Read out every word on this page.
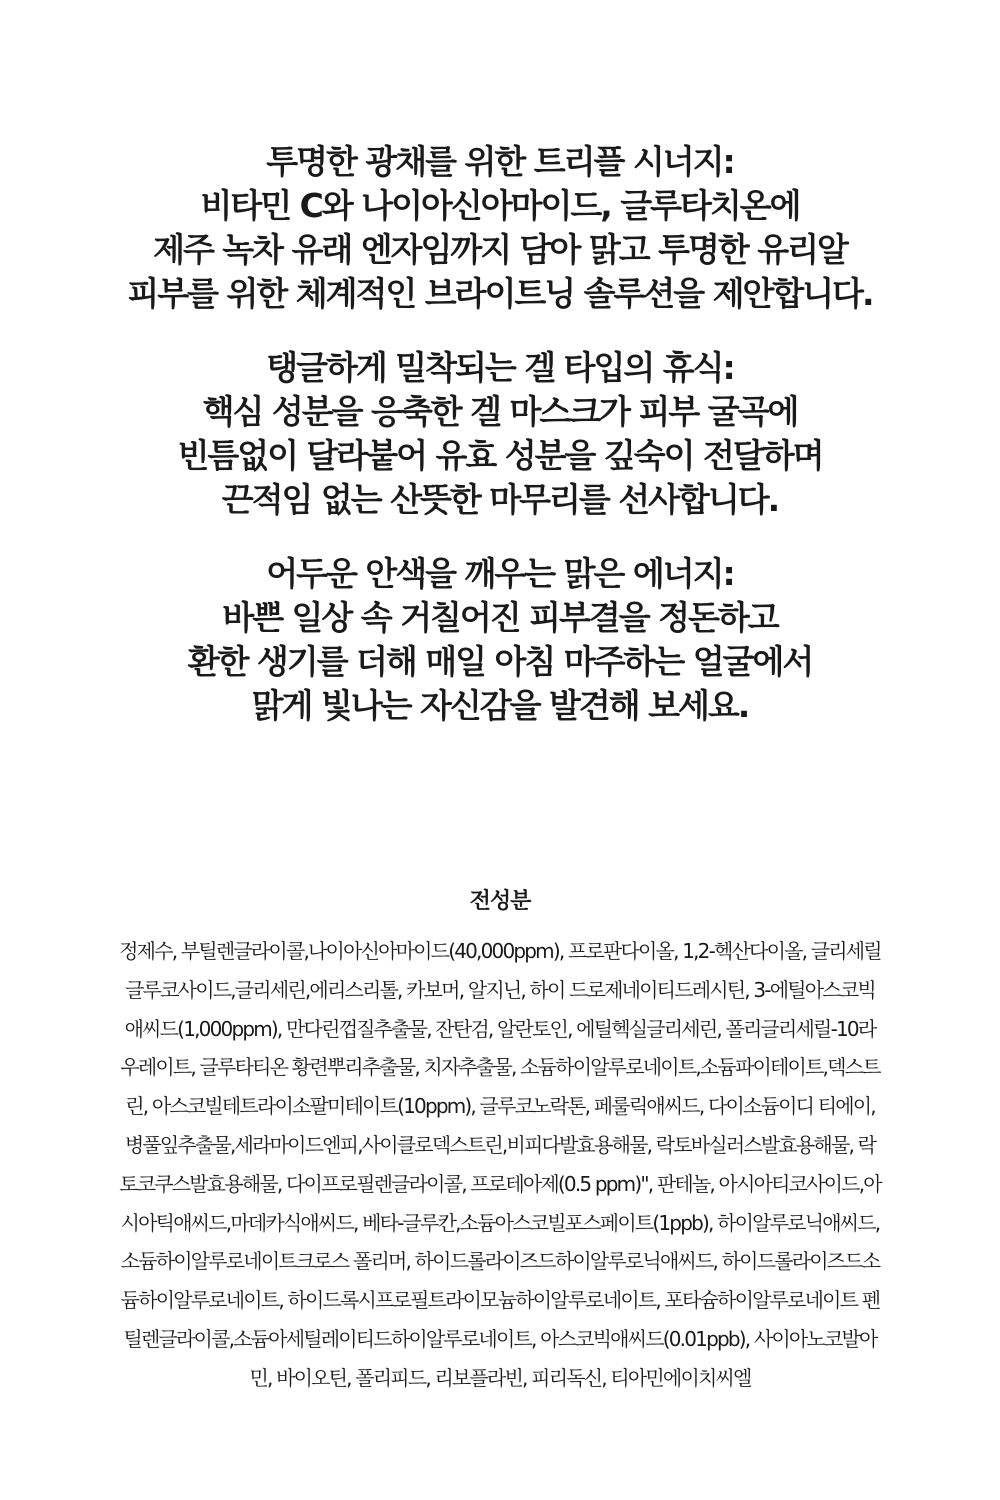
투명한 광채를 위한 트리플 시너지:
비타민 C와 나이아신아마이드, 글루타치온에
제주 녹차 유래 엔자임까지 담아 맑고 투명한 유리알
피부를 위한 체계적인 브라이트닝 솔루션을 제안합니다.
탱글하게 밀착되는 겔 타입의 휴식:
핵심 성분을 응축한 겔 마스크가 피부 굴곡에
빈틈없이 달라붙어 유효 성분을 깊숙이 전달하며
끈적임 없는 산뜻한 마무리를 선사합니다.
어두운 안색을 깨우는 맑은 에너지:
바쁜 일상 속 거칠어진 피부결을 정돈하고
환한 생기를 더해 매일 아침 마주하는 얼굴에서
맑게 빛나는 자신감을 발견해 보세요.
전성분
정제수, 부틸렌글라이콜,나이아신아마이드(40,000ppm), 프로판다이올, 1,2-헥산다이올, 글리세릴
글루코사이드,글리세린,에리스리톨, 카보머, 알지닌, 하이 드로제네이티드레시틴, 3-에틸아스코빅
애씨드(1,000ppm), 만다린껍질추출물, 잔탄검, 알란토인, 에틸헥실글리세린, 폴리글리세릴-10라
우레이트, 글루타티온 황련뿌리추출물, 치자추출물, 소듐하이알루로네이트,소듐파이테이트,덱스트
린, 아스코빌테트라이소팔미테이트(10ppm), 글루코노락톤, 페룰릭애씨드, 다이소듐이디 티에이,
병풀잎추출물,세라마이드엔피,사이클로덱스트린,비피다발효용해물, 락토바실러스발효용해물, 락
토코쿠스발효용해물, 다이프로필렌글라이콜, 프로테아제(0.5 ppm)", 판테놀, 아시아티코사이드,아
시아틱애씨드,마데카식애씨드, 베타-글루칸,소듐아스코빌포스페이트(1ppb), 하이알루로닉애씨드,
소듐하이알루로네이트크로스 폴리머, 하이드롤라이즈드하이알루로닉애씨드, 하이드롤라이즈드소
듐하이알루로네이트, 하이드록시프로필트라이모늄하이알루로네이트, 포타슘하이알루로네이트 펜
틸렌글라이콜,소듐아세틸레이티드하이알루로네이트, 아스코빅애씨드(0.01ppb), 사이아노코발아
민, 바이오틴, 폴리피드, 리보플라빈, 피리독신, 티아민에이치씨엘
